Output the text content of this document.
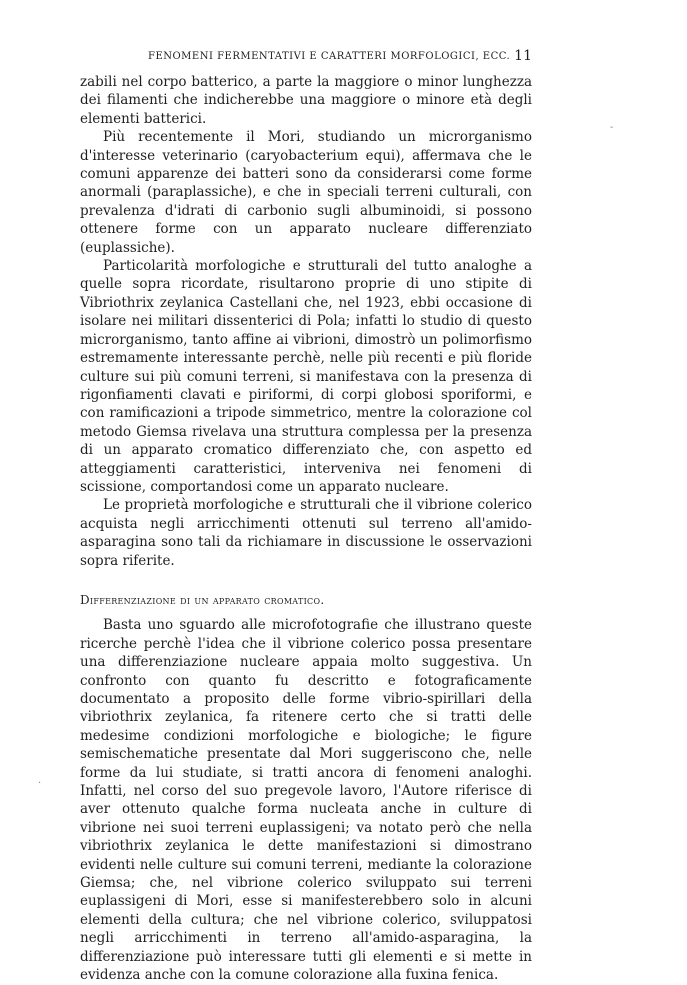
FENOMENI FERMENTATIVI E CARATTERI MORFOLOGICI, ECC. 11

zabili nel corpo batterico, a parte la maggiore o minor lunghezza dei filamenti che indicherebbe una maggiore o minore età degli elementi batterici.

Più recentemente il Mori, studiando un microrganismo d'interesse veterinario (caryobacterium equi), affermava che le comuni apparenze dei batteri sono da considerarsi come forme anormali (paraplassiche), e che in speciali terreni culturali, con prevalenza d'idrati di carbonio sugli albuminoidi, si possono ottenere forme con un apparato nucleare differenziato (euplassiche).

Particolarità morfologiche e strutturali del tutto analoghe a quelle sopra ricordate, risultarono proprie di uno stipite di Vibriothrix zeylanica Castellani che, nel 1923, ebbi occasione di isolare nei militari dissenterici di Pola; infatti lo studio di questo microrganismo, tanto affine ai vibrioni, dimostrò un polimorfismo estremamente interessante perchè, nelle più recenti e più floride culture sui più comuni terreni, si manifestava con la presenza di rigonfiamenti clavati e piriformi, di corpi globosi sporiformi, e con ramificazioni a tripode simmetrico, mentre la colorazione col metodo Giemsa rivelava una struttura complessa per la presenza di un apparato cromatico differenziato che, con aspetto ed atteggiamenti caratteristici, interveniva nei fenomeni di scissione, comportandosi come un apparato nucleare.

Le proprietà morfologiche e strutturali che il vibrione colerico acquista negli arricchimenti ottenuti sul terreno all'amido-asparagina sono tali da richiamare in discussione le osservazioni sopra riferite.

Differenziazione di un apparato cromatico.

Basta uno sguardo alle microfotografie che illustrano queste ricerche perchè l'idea che il vibrione colerico possa presentare una differenziazione nucleare appaia molto suggestiva. Un confronto con quanto fu descritto e fotograficamente documentato a proposito delle forme vibrio-spirillari della vibriothrix zeylanica, fa ritenere certo che si tratti delle medesime condizioni morfologiche e biologiche; le figure semischematiche presentate dal Mori suggeriscono che, nelle forme da lui studiate, si tratti ancora di fenomeni analoghi. Infatti, nel corso del suo pregevole lavoro, l'Autore riferisce di aver ottenuto qualche forma nucleata anche in culture di vibrione nei suoi terreni euplassigeni; va notato però che nella vibriothrix zeylanica le dette manifestazioni si dimostrano evidenti nelle culture sui comuni terreni, mediante la colorazione Giemsa; che, nel vibrione colerico sviluppato sui terreni euplassigeni di Mori, esse si manifesterebbero solo in alcuni elementi della cultura; che nel vibrione colerico, sviluppatosi negli arricchimenti in terreno all'amido-asparagina, la differenziazione può interessare tutti gli elementi e si mette in evidenza anche con la comune colorazione alla fuxina fenica.

·
-
